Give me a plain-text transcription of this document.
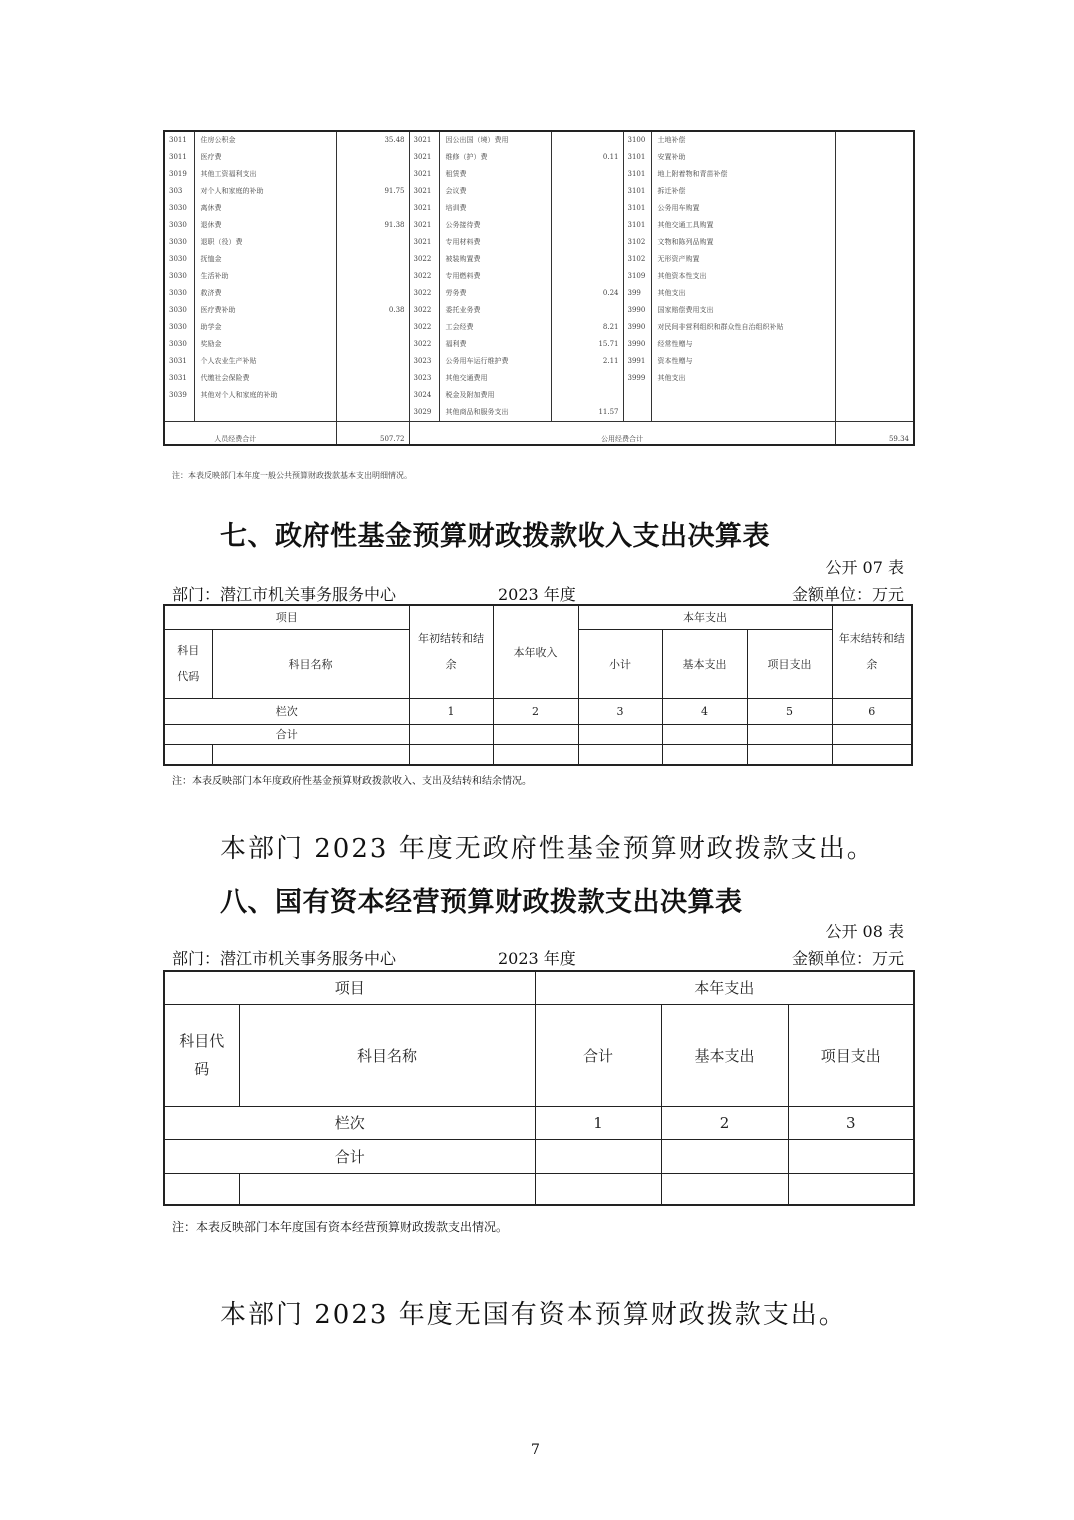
3011	住房公积金	35.48	3021	因公出国（境）费用		3100	土地补偿	
3011	医疗费		3021	维修（护）费	0.11	3101	安置补助	
3019	其他工资福利支出		3021	租赁费		3101	地上附着物和青苗补偿	
303	对个人和家庭的补助	91.75	3021	会议费		3101	拆迁补偿	
3030	离休费		3021	培训费		3101	公务用车购置	
3030	退休费	91.38	3021	公务接待费		3101	其他交通工具购置	
3030	退职（役）费		3021	专用材料费		3102	文物和陈列品购置	
3030	抚恤金		3022	被装购置费		3102	无形资产购置	
3030	生活补助		3022	专用燃料费		3109	其他资本性支出	
3030	救济费		3022	劳务费	0.24	399	其他支出	
3030	医疗费补助	0.38	3022	委托业务费		3990	国家赔偿费用支出	
3030	助学金		3022	工会经费	8.21	3990	对民间非营利组织和群众性自治组织补贴	
3030	奖励金		3022	福利费	15.71	3990	经常性赠与	
3031	个人农业生产补贴		3023	公务用车运行维护费	2.11	3991	资本性赠与	
3031	代缴社会保险费		3023	其他交通费用		3999	其他支出	
3039	其他对个人和家庭的补助		3024	税金及附加费用				
			3029	其他商品和服务支出	11.57			
人员经费合计		507.72	公用经费合计					59.34
注：本表反映部门本年度一般公共预算财政拨款基本支出明细情况。
七、政府性基金预算财政拨款收入支出决算表
公开 07 表
部门：潜江市机关事务服务中心	2023 年度	金额单位：万元
项目		年初结转和结余	本年收入	本年支出			年末结转和结余
科目代码	科目名称			小计	基本支出	项目支出	
栏次		1	2	3	4	5	6
合计							

注：本表反映部门本年度政府性基金预算财政拨款收入、支出及结转和结余情况。
本部门 2023 年度无政府性基金预算财政拨款支出。
八、国有资本经营预算财政拨款支出决算表
公开 08 表
部门：潜江市机关事务服务中心	2023 年度	金额单位：万元
项目		本年支出		
科目代码	科目名称	合计	基本支出	项目支出
栏次		1	2	3
合计				

注：本表反映部门本年度国有资本经营预算财政拨款支出情况。
本部门 2023 年度无国有资本预算财政拨款支出。
7
